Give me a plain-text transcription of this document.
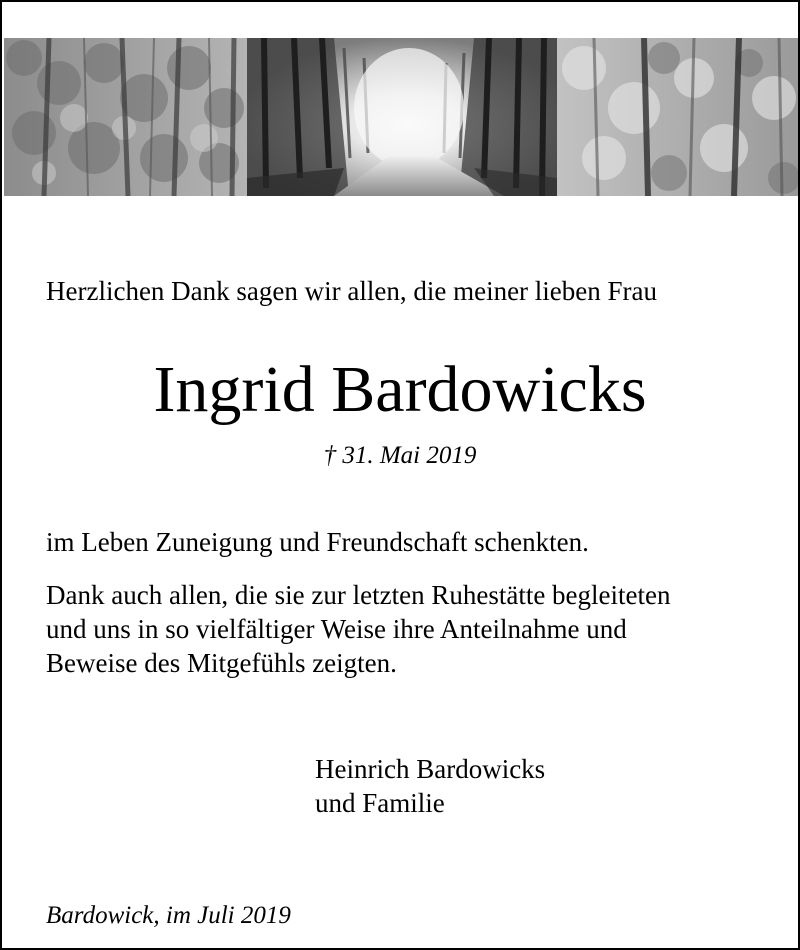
Herzlichen Dank sagen wir allen, die meiner lieben Frau

Ingrid Bardowicks

† 31. Mai 2019

im Leben Zuneigung und Freundschaft schenkten.

Dank auch allen, die sie zur letzten Ruhestätte begleiteten
und uns in so vielfältiger Weise ihre Anteilnahme und
Beweise des Mitgefühls zeigten.

Heinrich Bardowicks
und Familie

Bardowick, im Juli 2019
